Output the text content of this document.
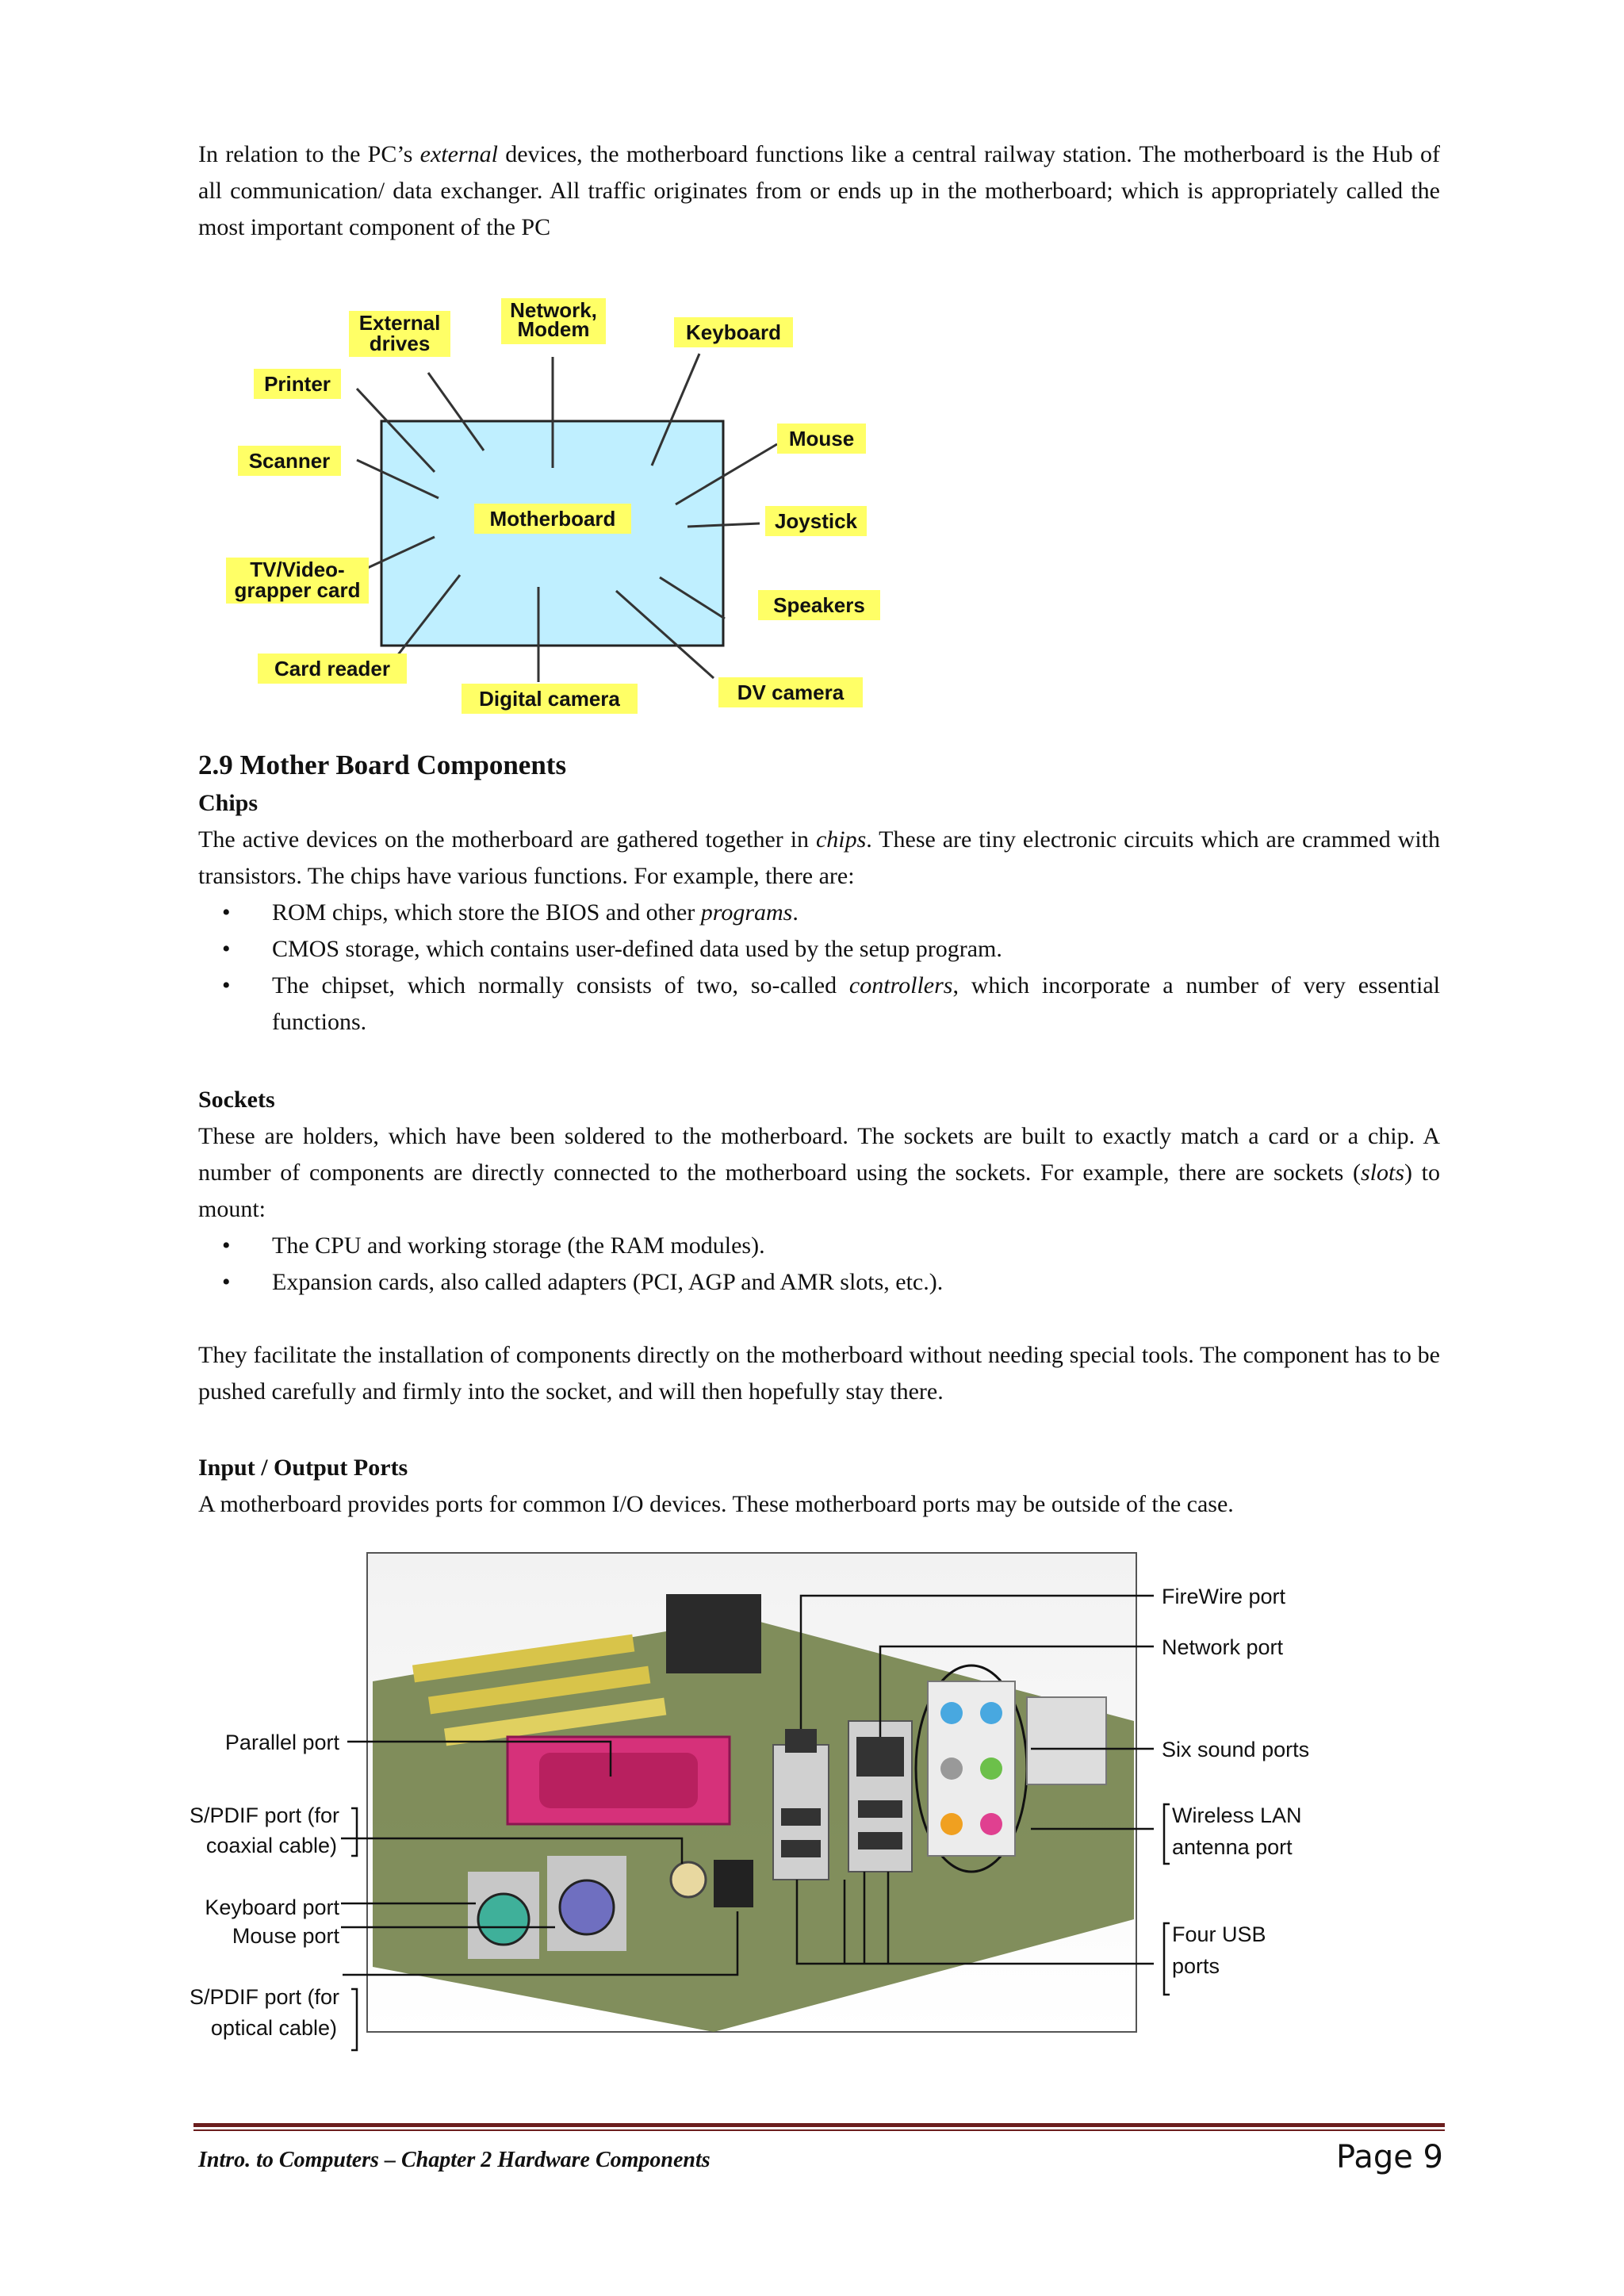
In relation to the PC’s external devices, the motherboard functions like a central railway station. The motherboard is the Hub of all communication/ data exchanger. All traffic originates from or ends up in the motherboard; which is appropriately called the most important component of the PC
Motherboard
External
drives
Network,
Modem	Keyboard
Printer
Scanner
Mouse
Joystick
TV/Video-
grapper card
Speakers
Card reader
Digital camera	DV camera
2.9 Mother Board Components
Chips
The active devices on the motherboard are gathered together in chips. These are tiny electronic circuits which are crammed with transistors. The chips have various functions. For example, there are:
• ROM chips, which store the BIOS and other programs.
• CMOS storage, which contains user-defined data used by the setup program.
• The chipset, which normally consists of two, so-called controllers, which incorporate a number of very essential functions.
Sockets
These are holders, which have been soldered to the motherboard. The sockets are built to exactly match a card or a chip. A number of components are directly connected to the motherboard using the sockets. For example, there are sockets (slots) to mount:
• The CPU and working storage (the RAM modules).
• Expansion cards, also called adapters (PCI, AGP and AMR slots, etc.).
They facilitate the installation of components directly on the motherboard without needing special tools. The component has to be pushed carefully and firmly into the socket, and will then hopefully stay there.
Input / Output Ports
A motherboard provides ports for common I/O devices. These motherboard ports may be outside of the case.
Parallel port
S/PDIF port (for
coaxial cable)
Keyboard port
Mouse port
S/PDIF port (for
optical cable)
FireWire port
Network port
Six sound ports
Wireless LAN
antenna port
Four USB
ports
Intro. to Computers – Chapter 2 Hardware Components	Page 9
